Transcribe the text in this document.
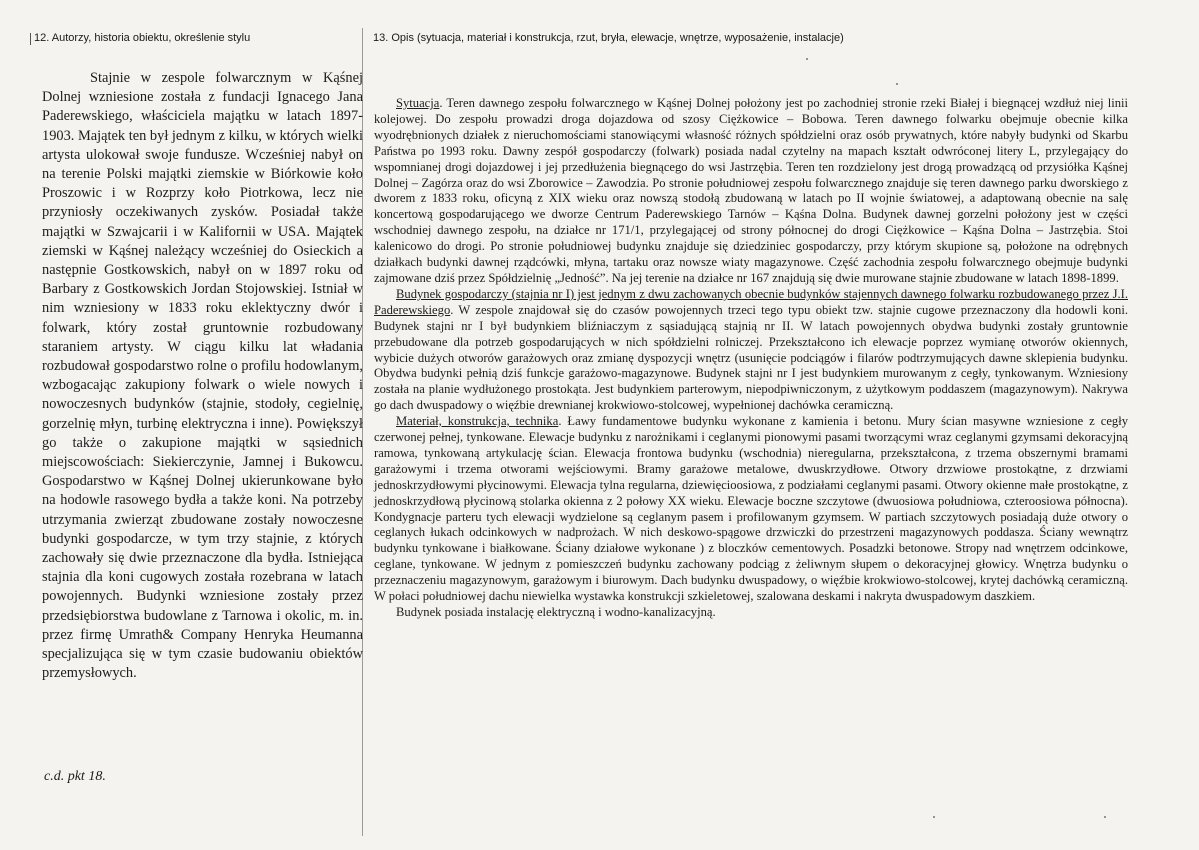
12. Autorzy, historia obiektu, określenie stylu	13. Opis (sytuacja, materiał i konstrukcja, rzut, bryła, elewacje, wnętrze, wyposażenie, instalacje)

Stajnie w zespole folwarcznym w Kąśnej Dolnej wzniesione została z fundacji Ignacego Jana Paderewskiego, właściciela majątku w latach 1897-1903. Majątek ten był jednym z kilku, w których wielki artysta ulokował swoje fundusze. Wcześniej nabył on na terenie Polski majątki ziemskie w Biórkowie koło Proszowic i w Rozprzy koło Piotrkowa, lecz nie przyniosły oczekiwanych zysków. Posiadał także majątki w Szwajcarii i w Kalifornii w USA. Majątek ziemski w Kąśnej należący wcześniej do Osieckich a następnie Gostkowskich, nabył on w 1897 roku od Barbary z Gostkowskich Jordan Stojowskiej. Istniał w nim wzniesiony w 1833 roku eklektyczny dwór i folwark, który został gruntownie rozbudowany staraniem artysty. W ciągu kilku lat władania rozbudował gospodarstwo rolne o profilu hodowlanym, wzbogacając zakupiony folwark o wiele nowych i nowoczesnych budynków (stajnie, stodoły, cegielnię, gorzelnię młyn, turbinę elektryczna i inne). Powiększył go także o zakupione majątki w sąsiednich miejscowościach: Siekierczynie, Jamnej i Bukowcu. Gospodarstwo w Kąśnej Dolnej ukierunkowane było na hodowle rasowego bydła a także koni. Na potrzeby utrzymania zwierząt zbudowane zostały nowoczesne budynki gospodarcze, w tym trzy stajnie, z których zachowały się dwie przeznaczone dla bydła. Istniejąca stajnia dla koni cugowych została rozebrana w latach powojennych. Budynki wzniesione zostały przez przedsiębiorstwa budowlane z Tarnowa i okolic, m. in. przez firmę Umrath& Company Henryka Heumanna specjalizująca się w tym czasie budowaniu obiektów przemysłowych.

c.d. pkt 18.

Sytuacja. Teren dawnego zespołu folwarcznego w Kąśnej Dolnej położony jest po zachodniej stronie rzeki Białej i biegnącej wzdłuż niej linii kolejowej. Do zespołu prowadzi droga dojazdowa od szosy Ciężkowice – Bobowa. Teren dawnego folwarku obejmuje obecnie kilka wyodrębnionych działek z nieruchomościami stanowiącymi własność różnych spółdzielni oraz osób prywatnych, które nabyły budynki od Skarbu Państwa po 1993 roku. Dawny zespół gospodarczy (folwark) posiada nadal czytelny na mapach kształt odwróconej litery L, przylegający do wspomnianej drogi dojazdowej i jej przedłużenia biegnącego do wsi Jastrzębia. Teren ten rozdzielony jest drogą prowadzącą od przysiółka Kąśnej Dolnej – Zagórza oraz do wsi Zborowice – Zawodzia. Po stronie południowej zespołu folwarcznego znajduje się teren dawnego parku dworskiego z dworem z 1833 roku, oficyną z XIX wieku oraz nowszą stodołą zbudowaną w latach po II wojnie światowej, a adaptowaną obecnie na salę koncertową gospodarującego we dworze Centrum Paderewskiego Tarnów – Kąśna Dolna. Budynek dawnej gorzelni położony jest w części wschodniej dawnego zespołu, na działce nr 171/1, przylegającej od strony północnej do drogi Ciężkowice – Kąśna Dolna – Jastrzębia. Stoi kalenicowo do drogi. Po stronie południowej budynku znajduje się dziedziniec gospodarczy, przy którym skupione są, położone na odrębnych działkach budynki dawnej rządcówki, młyna, tartaku oraz nowsze wiaty magazynowe. Część zachodnia zespołu folwarcznego obejmuje budynki zajmowane dziś przez Spółdzielnię „Jedność”. Na jej terenie na działce nr 167 znajdują się dwie murowane stajnie zbudowane w latach 1898-1899.

Budynek gospodarczy (stajnia nr I) jest jednym z dwu zachowanych obecnie budynków stajennych dawnego folwarku rozbudowanego przez J.I. Paderewskiego. W zespole znajdował się do czasów powojennych trzeci tego typu obiekt tzw. stajnie cugowe przeznaczony dla hodowli koni. Budynek stajni nr I był budynkiem bliźniaczym z sąsiadującą stajnią nr II. W latach powojennych obydwa budynki zostały gruntownie przebudowane dla potrzeb gospodarujących w nich spółdzielni rolniczej. Przekształcono ich elewacje poprzez wymianę otworów okiennych, wybicie dużych otworów garażowych oraz zmianę dyspozycji wnętrz (usunięcie podciągów i filarów podtrzymujących dawne sklepienia budynku. Obydwa budynki pełnią dziś funkcje garażowo-magazynowe. Budynek stajni nr I jest budynkiem murowanym z cegły, tynkowanym. Wzniesiony została na planie wydłużonego prostokąta. Jest budynkiem parterowym, niepodpiwniczonym, z użytkowym poddaszem (magazynowym). Nakrywa go dach dwuspadowy o więźbie drewnianej krokwiowo-stolcowej, wypełnionej dachówka ceramiczną.

Materiał, konstrukcja, technika. Ławy fundamentowe budynku wykonane z kamienia i betonu. Mury ścian masywne wzniesione z cegły czerwonej pełnej, tynkowane. Elewacje budynku z narożnikami i ceglanymi pionowymi pasami tworzącymi wraz ceglanymi gzymsami dekoracyjną ramowa, tynkowaną artykulację ścian. Elewacja frontowa budynku (wschodnia) nieregularna, przekształcona, z trzema obszernymi bramami garażowymi i trzema otworami wejściowymi. Bramy garażowe metalowe, dwuskrzydłowe. Otwory drzwiowe prostokątne, z drzwiami jednoskrzydłowymi płycinowymi. Elewacja tylna regularna, dziewięcioosiowa, z podziałami ceglanymi pasami. Otwory okienne małe prostokątne, z jednoskrzydłową płycinową stolarka okienna z 2 połowy XX wieku. Elewacje boczne szczytowe (dwuosiowa południowa, czteroosiowa północna). Kondygnacje parteru tych elewacji wydzielone są ceglanym pasem i profilowanym gzymsem. W partiach szczytowych posiadają duże otwory o ceglanych łukach odcinkowych w nadprożach. W nich deskowo-spągowe drzwiczki do przestrzeni magazynowych poddasza. Ściany wewnątrz budynku tynkowane i białkowane. Ściany działowe wykonane ) z bloczków cementowych. Posadzki betonowe. Stropy nad wnętrzem odcinkowe, ceglane, tynkowane. W jednym z pomieszczeń budynku zachowany podciąg z żeliwnym słupem o dekoracyjnej głowicy. Wnętrza budynku o przeznaczeniu magazynowym, garażowym i biurowym. Dach budynku dwuspadowy, o więźbie krokwiowo-stolcowej, krytej dachówką ceramiczną. W połaci południowej dachu niewielka wystawka konstrukcji szkieletowej, szalowana deskami i nakryta dwuspadowym daszkiem.

Budynek posiada instalację elektryczną i wodno-kanalizacyjną.
